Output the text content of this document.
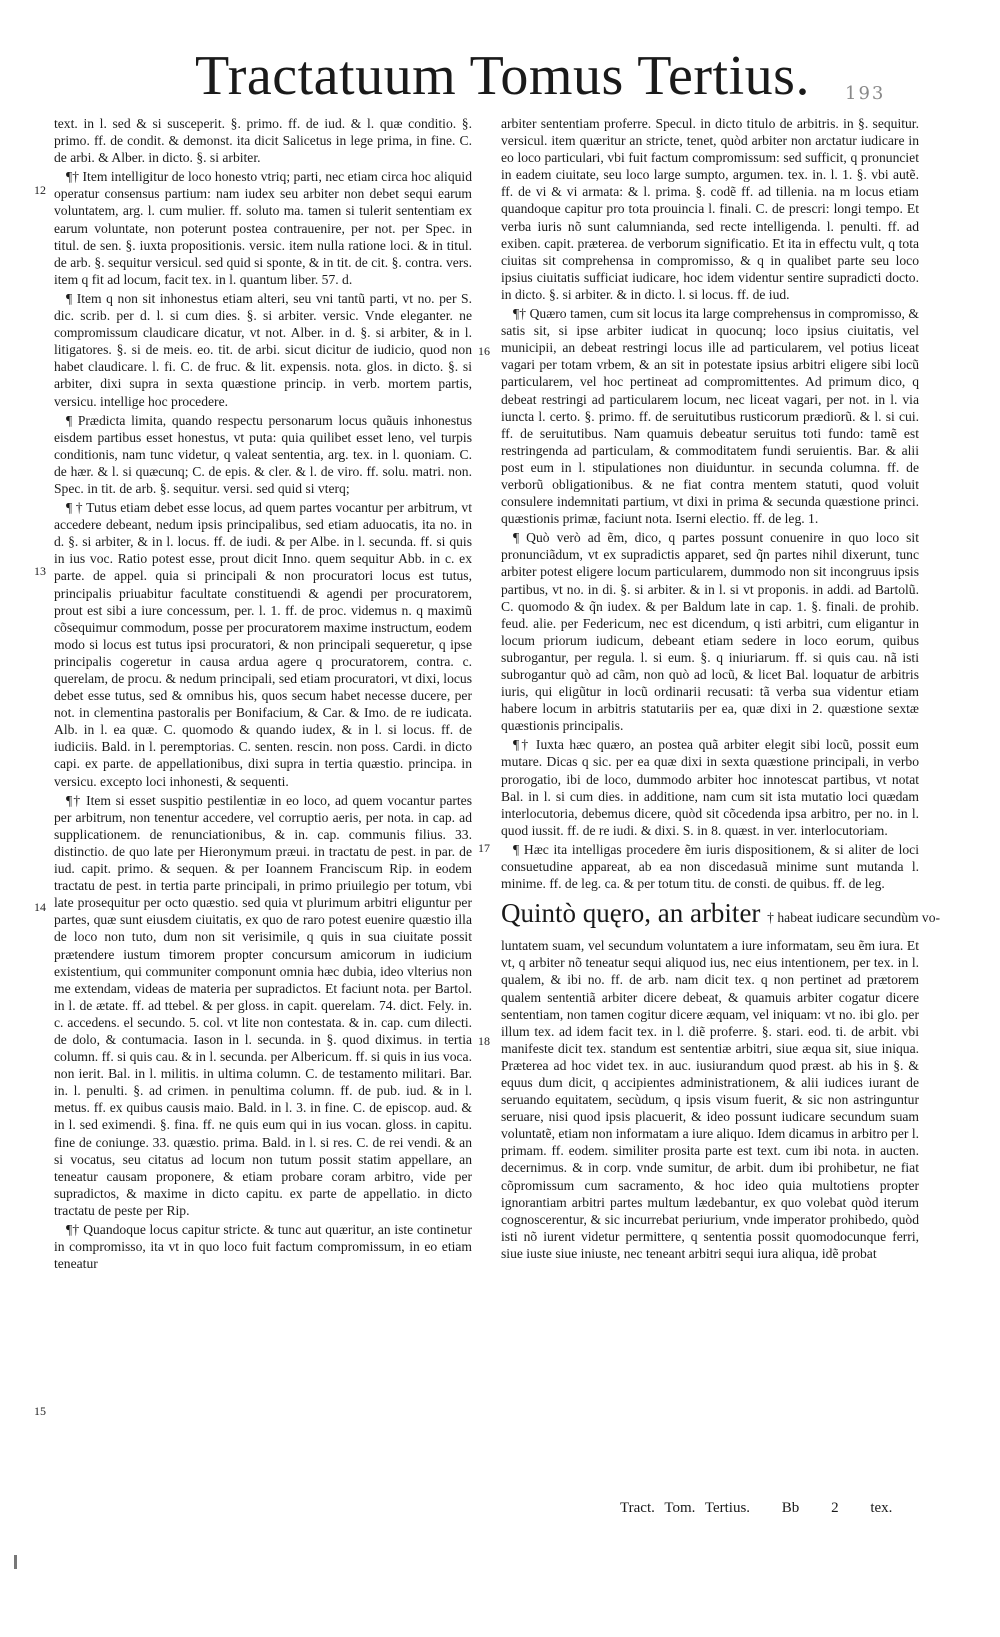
Tractatuum Tomus Tertius. 193
12
13
14
15
16
17
18

text. in l. sed & si susceperit. §. primo. ff. de iud. & l. quæ conditio. §. primo. ff. de condit. & demonst. ita dicit Salicetus in lege prima, in fine. C. de arbi. & Alber. in dicto. §. si arbiter.

¶† Item intelligitur de loco honesto vtriq; parti, nec etiam circa hoc aliquid operatur consensus partium: nam iudex seu arbiter non debet sequi earum voluntatem, arg. l. cum mulier. ff. soluto ma. tamen si tulerit sententiam ex earum voluntate, non poterunt postea contrauenire, per not. per Spec. in titul. de sen. §. iuxta propositionis. versic. item nulla ratione loci. & in titul. de arb. §. sequitur versicul. sed quid si sponte, & in tit. de cit. §. contra. vers. item q fit ad locum, facit tex. in l. quantum liber. 57. d.

¶ Item q non sit inhonestus etiam alteri, seu vni tantũ parti, vt no. per S. dic. scrib. per d. l. si cum dies. §. si arbiter. versic. Vnde eleganter. ne compromissum claudicare dicatur, vt not. Alber. in d. §. si arbiter, & in l. litigatores. §. si de meis. eo. tit. de arbi. sicut dicitur de iudicio, quod non habet claudicare. l. fi. C. de fruc. & lit. expensis. nota. glos. in dicto. §. si arbiter, dixi supra in sexta quæstione princip. in verb. mortem partis, versicu. intellige hoc procedere.

¶ Prædicta limita, quando respectu personarum locus quãuis inhonestus eisdem partibus esset honestus, vt puta: quia quilibet esset leno, vel turpis conditionis, nam tunc videtur, q valeat sententia, arg. tex. in l. quoniam. C. de hær. & l. si quæcunq; C. de epis. & cler. & l. de viro. ff. solu. matri. non. Spec. in tit. de arb. §. sequitur. versi. sed quid si vterq;

¶ † Tutus etiam debet esse locus, ad quem partes vocantur per arbitrum, vt accedere debeant, nedum ipsis principalibus, sed etiam aduocatis, ita no. in d. §. si arbiter, & in l. locus. ff. de iudi. & per Albe. in l. secunda. ff. si quis in ius voc. Ratio potest esse, prout dicit Inno. quem sequitur Abb. in c. ex parte. de appel. quia si principali & non procuratori locus est tutus, principalis priuabitur facultate constituendi & agendi per procuratorem, prout est sibi a iure concessum, per. l. 1. ff. de proc. videmus n. q maximũ cõsequimur commodum, posse per procuratorem maxime instructum, eodem modo si locus est tutus ipsi procuratori, & non principali sequeretur, q ipse principalis cogeretur in causa ardua agere q procuratorem, contra. c. querelam, de procu. & nedum principali, sed etiam procuratori, vt dixi, locus debet esse tutus, sed & omnibus his, quos secum habet necesse ducere, per not. in clementina pastoralis per Bonifacium, & Car. & Imo. de re iudicata. Alb. in l. ea quæ. C. quomodo & quando iudex, & in l. si locus. ff. de iudiciis. Bald. in l. peremptorias. C. senten. rescin. non poss. Cardi. in dicto capi. ex parte. de appellationibus, dixi supra in tertia quæstio. principa. in versicu. excepto loci inhonesti, & sequenti.

¶† Item si esset suspitio pestilentiæ in eo loco, ad quem vocantur partes per arbitrum, non tenentur accedere, vel corruptio aeris, per nota. in cap. ad supplicationem. de renunciationibus, & in. cap. communis filius. 33. distinctio. de quo late per Hieronymum præui. in tractatu de pest. in par. de iud. capit. primo. & sequen. & per Ioannem Franciscum Rip. in eodem tractatu de pest. in tertia parte principali, in primo priuilegio per totum, vbi late prosequitur per octo quæstio. sed quia vt plurimum arbitri eliguntur per partes, quæ sunt eiusdem ciuitatis, ex quo de raro potest euenire quæstio illa de loco non tuto, dum non sit verisimile, q quis in sua ciuitate possit prætendere iustum timorem propter concursum amicorum in iudicium existentium, qui communiter componunt omnia hæc dubia, ideo vlterius non me extendam, videas de materia per supradictos. Et faciunt nota. per Bartol. in l. de ætate. ff. ad ttebel. & per gloss. in capit. querelam. 74. dict. Fely. in. c. accedens. el secundo. 5. col. vt lite non contestata. & in. cap. cum dilecti. de dolo, & contumacia. Iason in l. secunda. in §. quod diximus. in tertia column. ff. si quis cau. & in l. secunda. per Albericum. ff. si quis in ius voca. non ierit. Bal. in l. militis. in ultima column. C. de testamento militari. Bar. in. l. penulti. §. ad crimen. in penultima column. ff. de pub. iud. & in l. metus. ff. ex quibus causis maio. Bald. in l. 3. in fine. C. de episcop. aud. & in l. sed eximendi. §. fina. ff. ne quis eum qui in ius vocan. gloss. in capitu. fine de coniunge. 33. quæstio. prima. Bald. in l. si res. C. de rei vendi. & an si vocatus, seu citatus ad locum non tutum possit statim appellare, an teneatur causam proponere, & etiam probare coram arbitro, vide per supradictos, & maxime in dicto capitu. ex parte de appellatio. in dicto tractatu de peste per Rip.

¶† Quandoque locus capitur stricte. & tunc aut quæritur, an iste continetur in compromisso, ita vt in quo loco fuit factum compromissum, in eo etiam teneatur

arbiter sententiam proferre. Specul. in dicto titulo de arbitris. in §. sequitur. versicul. item quæritur an stricte, tenet, quòd arbiter non arctatur iudicare in eo loco particulari, vbi fuit factum compromissum: sed sufficit, q pronunciet in eadem ciuitate, seu loco large sumpto, argumen. tex. in. l. 1. §. vbi autẽ. ff. de vi & vi armata: & l. prima. §. codẽ ff. ad tillenia. na m locus etiam quandoque capitur pro tota prouincia l. finali. C. de prescri: longi tempo. Et verba iuris nõ sunt calumnianda, sed recte intelligenda. l. penulti. ff. ad exiben. capit. præterea. de verborum significatio. Et ita in effectu vult, q tota ciuitas sit comprehensa in compromisso, & q in qualibet parte seu loco ipsius ciuitatis sufficiat iudicare, hoc idem videntur sentire supradicti docto. in dicto. §. si arbiter. & in dicto. l. si locus. ff. de iud.

¶† Quæro tamen, cum sit locus ita large comprehensus in compromisso, & satis sit, si ipse arbiter iudicat in quocunq; loco ipsius ciuitatis, vel municipii, an debeat restringi locus ille ad particularem, vel potius liceat vagari per totam vrbem, & an sit in potestate ipsius arbitri eligere sibi locũ particularem, vel hoc pertineat ad compromittentes. Ad primum dico, q debeat restringi ad particularem locum, nec liceat vagari, per not. in l. via iuncta l. certo. §. primo. ff. de seruitutibus rusticorum prædiorũ. & l. si cui. ff. de seruitutibus. Nam quamuis debeatur seruitus toti fundo: tamẽ est restringenda ad particulam, & commoditatem fundi seruientis. Bar. & alii post eum in l. stipulationes non diuiduntur. in secunda columna. ff. de verborũ obligationibus. & ne fiat contra mentem statuti, quod voluit consulere indemnitati partium, vt dixi in prima & secunda quæstione princi. quæstionis primæ, faciunt nota. Iserni electio. ff. de leg. 1.

¶ Quò verò ad ẽm, dico, q partes possunt conuenire in quo loco sit pronunciãdum, vt ex supradictis apparet, sed q̃n partes nihil dixerunt, tunc arbiter potest eligere locum particularem, dummodo non sit incongruus ipsis partibus, vt no. in di. §. si arbiter. & in l. si vt proponis. in addi. ad Bartolũ. C. quomodo & q̃n iudex. & per Baldum late in cap. 1. §. finali. de prohib. feud. alie. per Federicum, nec est dicendum, q isti arbitri, cum eligantur in locum priorum iudicum, debeant etiam sedere in loco eorum, quibus subrogantur, per regula. l. si eum. §. q iniuriarum. ff. si quis cau. nã isti subrogantur quò ad cãm, non quò ad locũ, & licet Bal. loquatur de arbitris iuris, qui eligũtur in locũ ordinarii recusati: tã verba sua videntur etiam habere locum in arbitris statutariis per ea, quæ dixi in 2. quæstione sextæ quæstionis principalis.

¶† Iuxta hæc quæro, an postea quã arbiter elegit sibi locũ, possit eum mutare. Dicas q sic. per ea quæ dixi in sexta quæstione principali, in verbo prorogatio, ibi de loco, dummodo arbiter hoc innotescat partibus, vt notat Bal. in l. si cum dies. in additione, nam cum sit ista mutatio loci quædam interlocutoria, debemus dicere, quòd sit cõcedenda ipsa arbitro, per no. in l. quod iussit. ff. de re iudi. & dixi. S. in 8. quæst. in ver. interlocutoriam.

¶ Hæc ita intelligas procedere ẽm iuris dispositionem, & si aliter de loci consuetudine appareat, ab ea non discedasuã minime sunt mutanda l. minime. ff. de leg. ca. & per totum titu. de consti. de quibus. ff. de leg.

Quintò quęro, an arbiter † habeat iudicare secundùm vo-

luntatem suam, vel secundum voluntatem a iure informatam, seu ẽm iura. Et vt, q arbiter nõ teneatur sequi aliquod ius, nec eius intentionem, per tex. in l. qualem, & ibi no. ff. de arb. nam dicit tex. q non pertinet ad prætorem qualem sententiã arbiter dicere debeat, & quamuis arbiter cogatur dicere sententiam, non tamen cogitur dicere æquam, vel iniquam: vt no. ibi glo. per illum tex. ad idem facit tex. in l. diẽ proferre. §. stari. eod. ti. de arbit. vbi manifeste dicit tex. standum est sententiæ arbitri, siue æqua sit, siue iniqua. Præterea ad hoc videt tex. in auc. iusiurandum quod præst. ab his in §. & equus dum dicit, q accipientes administrationem, & alii iudices iurant de seruando equitatem, secùdum, q ipsis visum fuerit, & sic non astringuntur seruare, nisi quod ipsis placuerit, & ideo possunt iudicare secundum suam voluntatẽ, etiam non informatam a iure aliquo. Idem dicamus in arbitro per l. primam. ff. eodem. similiter prosita parte est text. cum ibi nota. in aucten. decernimus. & in corp. vnde sumitur, de arbit. dum ibi prohibetur, ne fiat cõpromissum cum sacramento, & hoc ideo quia multotiens propter ignorantiam arbitri partes multum lædebantur, ex quo volebat quòd iterum cognoscerentur, & sic incurrebat periurium, vnde imperator prohibedo, quòd isti nõ iurent videtur permittere, q sententia possit quomodocunque ferri, siue iuste siue iniuste, nec teneant arbitri sequi iura aliqua, idẽ probat

Tract. Tom. Tertius. Bb 2 tex.
